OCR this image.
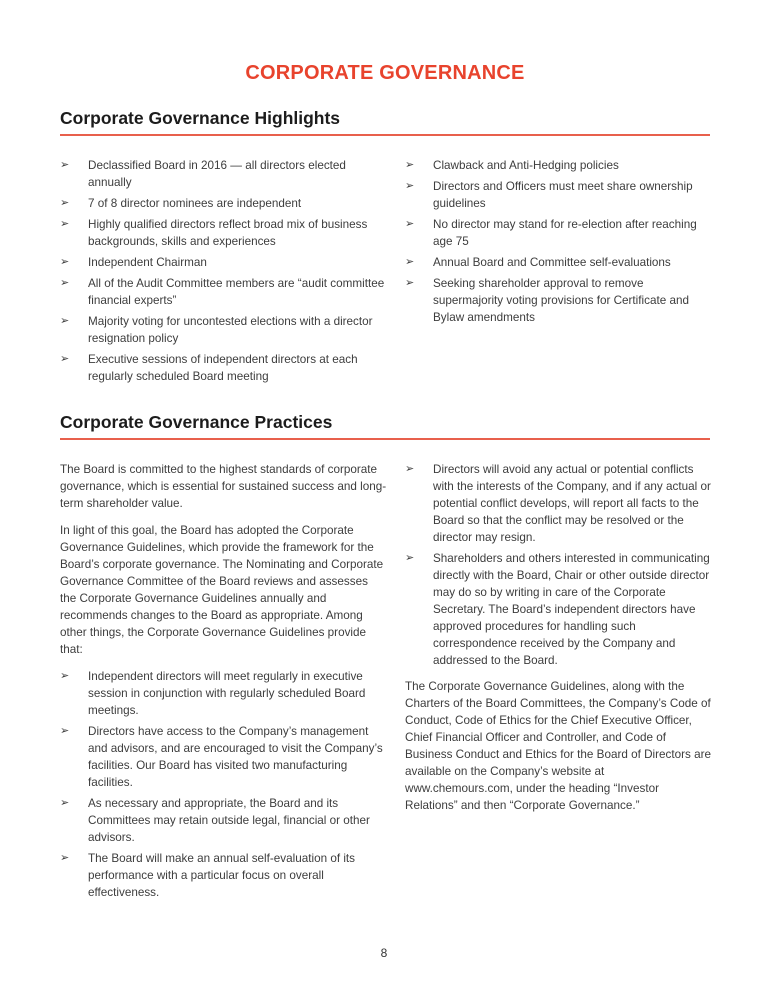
CORPORATE GOVERNANCE
Corporate Governance Highlights
➢	Declassified Board in 2016 — all directors elected annually
➢	7 of 8 director nominees are independent
➢	Highly qualified directors reflect broad mix of business backgrounds, skills and experiences
➢	Independent Chairman
➢	All of the Audit Committee members are “audit committee financial experts”
➢	Majority voting for uncontested elections with a director resignation policy
➢	Executive sessions of independent directors at each regularly scheduled Board meeting
➢	Clawback and Anti-Hedging policies
➢	Directors and Officers must meet share ownership guidelines
➢	No director may stand for re-election after reaching age 75
➢	Annual Board and Committee self-evaluations
➢	Seeking shareholder approval to remove supermajority voting provisions for Certificate and Bylaw amendments
Corporate Governance Practices

The Board is committed to the highest standards of corporate governance, which is essential for sustained success and long-term shareholder value.

In light of this goal, the Board has adopted the Corporate Governance Guidelines, which provide the framework for the Board’s corporate governance. The Nominating and Corporate Governance Committee of the Board reviews and assesses the Corporate Governance Guidelines annually and recommends changes to the Board as appropriate. Among other things, the Corporate Governance Guidelines provide that:

➢	Independent directors will meet regularly in executive session in conjunction with regularly scheduled Board meetings.
➢	Directors have access to the Company’s management and advisors, and are encouraged to visit the Company’s facilities. Our Board has visited two manufacturing facilities.
➢	As necessary and appropriate, the Board and its Committees may retain outside legal, financial or other advisors.
➢	The Board will make an annual self-evaluation of its performance with a particular focus on overall effectiveness.
➢	Directors will avoid any actual or potential conflicts with the interests of the Company, and if any actual or potential conflict develops, will report all facts to the Board so that the conflict may be resolved or the director may resign.
➢	Shareholders and others interested in communicating directly with the Board, Chair or other outside director may do so by writing in care of the Corporate Secretary. The Board’s independent directors have approved procedures for handling such correspondence received by the Company and addressed to the Board.

The Corporate Governance Guidelines, along with the Charters of the Board Committees, the Company’s Code of Conduct, Code of Ethics for the Chief Executive Officer, Chief Financial Officer and Controller, and Code of Business Conduct and Ethics for the Board of Directors are available on the Company’s website at www.chemours.com, under the heading “Investor Relations” and then “Corporate Governance.”

8
